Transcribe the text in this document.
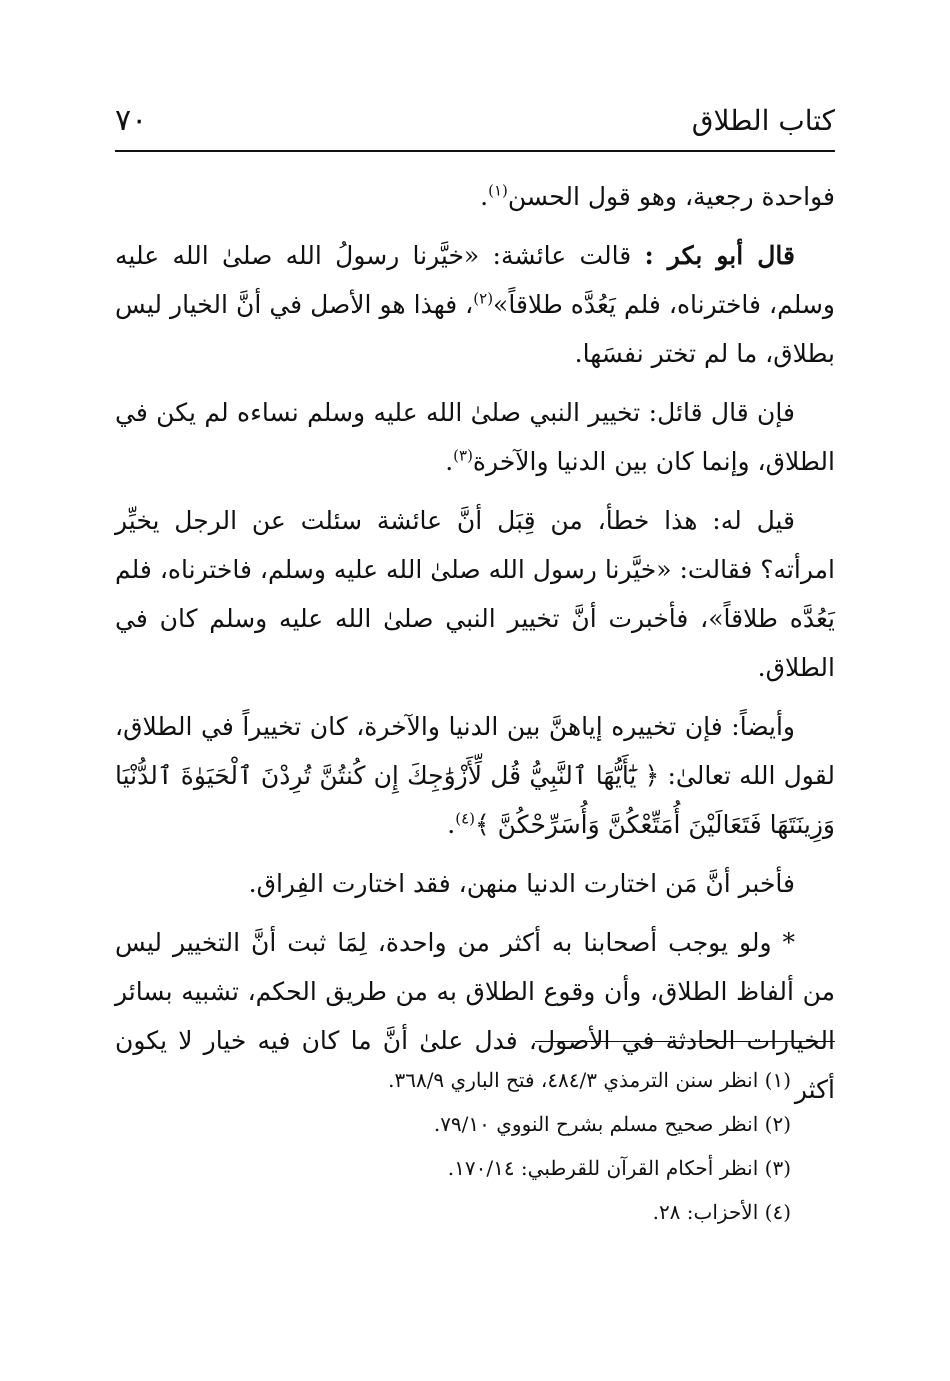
٧٠	كتاب الطلاق

فواحدة رجعية، وهو قول الحسن$^{(١)}$.

قال أبو بكر : قالت عائشة: «خيَّرنا رسولُ الله صلىٰ الله عليه وسلم، فاخترناه، فلم يَعُدَّه طلاقاً»$^{(٢)}$، فهذا هو الأصل في أنَّ الخيار ليس بطلاق، ما لم تختر نفسَها.

فإن قال قائل: تخيير النبي صلىٰ الله عليه وسلم نساءه لم يكن في الطلاق، وإنما كان بين الدنيا والآخرة$^{(٣)}$.

قيل له: هذا خطأ، من قِبَل أنَّ عائشة سئلت عن الرجل يخيِّر امرأته؟ فقالت: «خيَّرنا رسول الله صلىٰ الله عليه وسلم، فاخترناه، فلم يَعُدَّه طلاقاً»، فأخبرت أنَّ تخيير النبي صلىٰ الله عليه وسلم كان في الطلاق.

وأيضاً: فإن تخييره إياهنَّ بين الدنيا والآخرة، كان تخييراً في الطلاق، لقول الله تعالىٰ: ﴿ يَٰٓأَيُّهَا ٱلنَّبِيُّ قُل لِّأَزْوَٰجِكَ إِن كُنتُنَّ تُرِدْنَ ٱلْحَيَوٰةَ ٱلدُّنْيَا وَزِينَتَهَا فَتَعَالَيْنَ أُمَتِّعْكُنَّ وَأُسَرِّحْكُنَّ ﴾$^{(٤)}$.

فأخبر أنَّ مَن اختارت الدنيا منهن، فقد اختارت الفِراق.

* ولو يوجب أصحابنا به أكثر من واحدة، لِمَا ثبت أنَّ التخيير ليس من ألفاظ الطلاق، وأن وقوع الطلاق به من طريق الحكم، تشبيه بسائر الخيارات الحادثة في الأصول، فدل علىٰ أنَّ ما كان فيه خيار لا يكون أكثر

(١) انظر سنن الترمذي ٤٨٤/٣، فتح الباري ٣٦٨/٩.

(٢) انظر صحيح مسلم بشرح النووي ٧٩/١٠.

(٣) انظر أحكام القرآن للقرطبي: ١٧٠/١٤.

(٤) الأحزاب: ٢٨.
